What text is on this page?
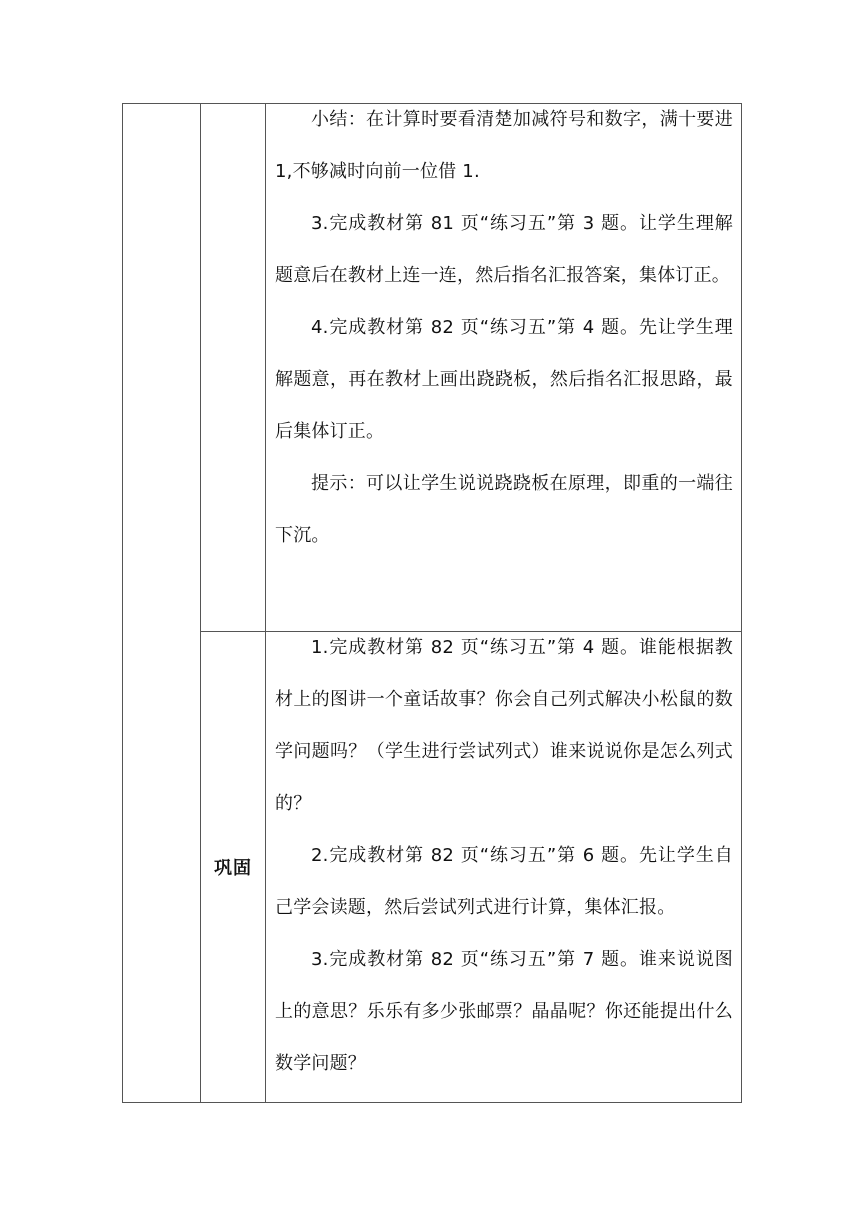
		小结：在计算时要看清楚加减符号和数字，满十要进 1,不够减时向前一位借 1.

3.完成教材第 81 页“练习五”第 3 题。让学生理解题意后在教材上连一连，然后指名汇报答案，集体订正。

4.完成教材第 82 页“练习五”第 4 题。先让学生理解题意，再在教材上画出跷跷板，然后指名汇报思路，最后集体订正。

提示：可以让学生说说跷跷板在原理，即重的一端往下沉。

	巩固	1.完成教材第 82 页“练习五”第 4 题。谁能根据教材上的图讲一个童话故事？你会自己列式解决小松鼠的数学问题吗？（学生进行尝试列式）谁来说说你是怎么列式的？

2.完成教材第 82 页“练习五”第 6 题。先让学生自己学会读题，然后尝试列式进行计算，集体汇报。

3.完成教材第 82 页“练习五”第 7 题。谁来说说图上的意思？乐乐有多少张邮票？晶晶呢？你还能提出什么数学问题？
